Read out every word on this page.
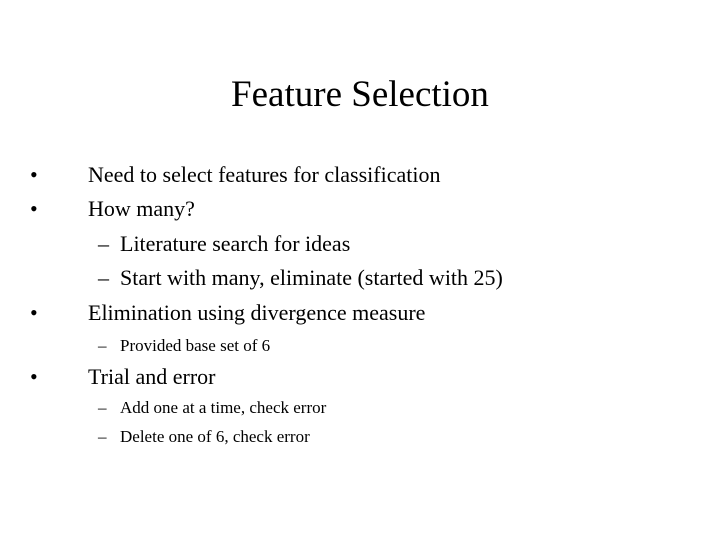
Feature Selection
• Need to select features for classification
• How many?
– Literature search for ideas
– Start with many, eliminate (started with 25)
• Elimination using divergence measure
– Provided base set of 6
• Trial and error
– Add one at a time, check error
– Delete one of 6, check error
